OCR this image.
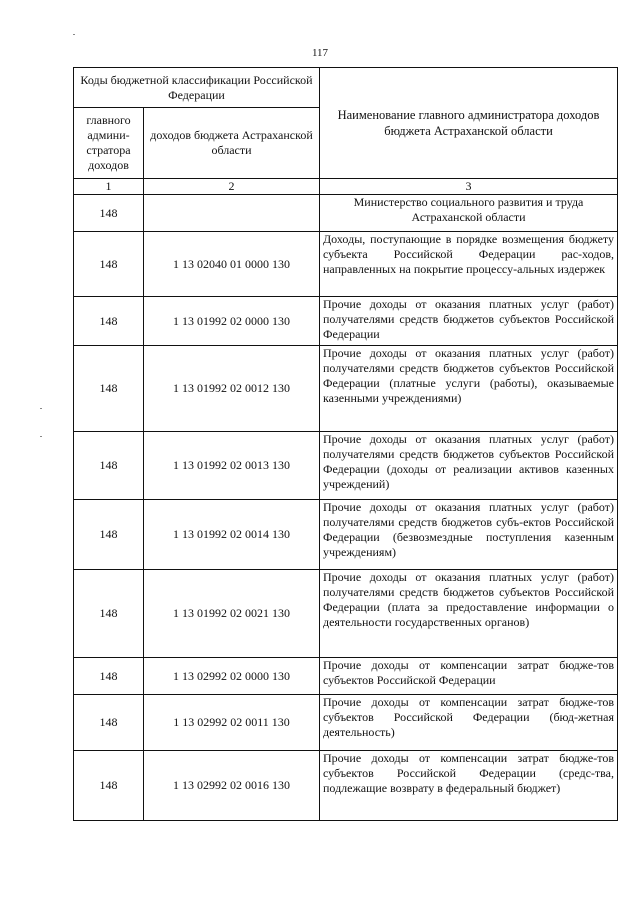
117
Коды бюджетной классификации Российской Федерации		Наименование главного администратора доходов бюджета Астраханской области
главного админи-стратора доходов	доходов бюджета Астраханской области	
1	2	3
148		Министерство социального развития и труда Астраханской области
148	1 13 02040 01 0000 130	Доходы, поступающие в порядке возмещения бюджету субъекта Российской Федерации рас-ходов, направленных на покрытие процессу-альных издержек
148	1 13 01992 02 0000 130	Прочие доходы от оказания платных услуг (работ) получателями средств бюджетов субъектов Российской Федерации
148	1 13 01992 02 0012 130	Прочие доходы от оказания платных услуг (работ) получателями средств бюджетов субъектов Российской Федерации (платные услуги (работы), оказываемые казенными учреждениями)
148	1 13 01992 02 0013 130	Прочие доходы от оказания платных услуг (работ) получателями средств бюджетов субъектов Российской Федерации (доходы от реализации активов казенных учреждений)
148	1 13 01992 02 0014 130	Прочие доходы от оказания платных услуг (работ) получателями средств бюджетов субъ-ектов Российской Федерации (безвозмездные поступления казенным учреждениям)
148	1 13 01992 02 0021 130	Прочие доходы от оказания платных услуг (работ) получателями средств бюджетов субъектов Российской Федерации (плата за предоставление информации о деятельности государственных органов)
148	1 13 02992 02 0000 130	Прочие доходы от компенсации затрат бюдже-тов субъектов Российской Федерации
148	1 13 02992 02 0011 130	Прочие доходы от компенсации затрат бюдже-тов субъектов Российской Федерации (бюд-жетная деятельность)
148	1 13 02992 02 0016 130	Прочие доходы от компенсации затрат бюдже-тов субъектов Российской Федерации (средс-тва, подлежащие возврату в федеральный бюджет)
